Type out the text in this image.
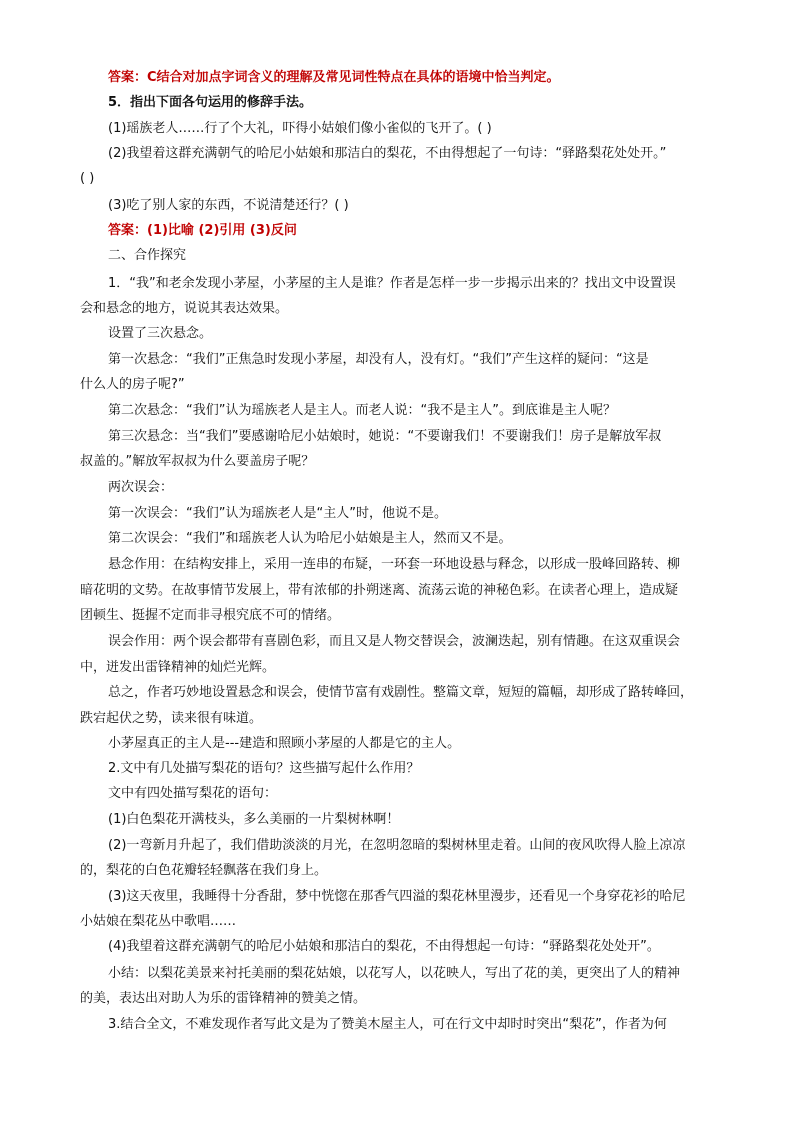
答案：C结合对加点字词含义的理解及常见词性特点在具体的语境中恰当判定。
5．指出下面各句运用的修辞手法。
(1)瑶族老人……行了个大礼，吓得小姑娘们像小雀似的飞开了。( )
(2)我望着这群充满朝气的哈尼小姑娘和那洁白的梨花，不由得想起了一句诗：“驿路梨花处处开。”
( )
(3)吃了别人家的东西，不说清楚还行？( )
答案：(1)比喻 (2)引用 (3)反问
二、合作探究
1．“我”和老余发现小茅屋，小茅屋的主人是谁？作者是怎样一步一步揭示出来的？找出文中设置误
会和悬念的地方，说说其表达效果。
设置了三次悬念。
第一次悬念：“我们”正焦急时发现小茅屋，却没有人，没有灯。“我们”产生这样的疑问：“这是
什么人的房子呢?”
第二次悬念：“我们”认为瑶族老人是主人。而老人说：“我不是主人”。到底谁是主人呢？
第三次悬念：当“我们”要感谢哈尼小姑娘时，她说：“不要谢我们！不要谢我们！房子是解放军叔
叔盖的。”解放军叔叔为什么要盖房子呢？
两次误会：
第一次误会：“我们”认为瑶族老人是“主人”时，他说不是。
第二次误会：“我们”和瑶族老人认为哈尼小姑娘是主人，然而又不是。
悬念作用：在结构安排上，采用一连串的布疑，一环套一环地设悬与释念，以形成一股峰回路转、柳
暗花明的文势。在故事情节发展上，带有浓郁的扑朔迷离、流荡云诡的神秘色彩。在读者心理上，造成疑
团顿生、挺握不定而非寻根究底不可的情绪。
误会作用：两个误会都带有喜剧色彩，而且又是人物交替误会，波澜迭起，别有情趣。在这双重误会
中，迸发出雷锋精神的灿烂光辉。
总之，作者巧妙地设置悬念和误会，使情节富有戏剧性。整篇文章，短短的篇幅，却形成了路转峰回，
跌宕起伏之势，读来很有味道。
小茅屋真正的主人是---建造和照顾小茅屋的人都是它的主人。
2.文中有几处描写梨花的语句？这些描写起什么作用？
文中有四处描写梨花的语句：
(1)白色梨花开满枝头，多么美丽的一片梨树林啊！
(2)一弯新月升起了，我们借助淡淡的月光，在忽明忽暗的梨树林里走着。山间的夜风吹得人脸上凉凉
的，梨花的白色花瓣轻轻飘落在我们身上。
(3)这天夜里，我睡得十分香甜，梦中恍惚在那香气四溢的梨花林里漫步，还看见一个身穿花衫的哈尼
小姑娘在梨花丛中歌唱……
(4)我望着这群充满朝气的哈尼小姑娘和那洁白的梨花，不由得想起一句诗：“驿路梨花处处开”。
小结：以梨花美景来衬托美丽的梨花姑娘，以花写人，以花映人，写出了花的美，更突出了人的精神
的美，表达出对助人为乐的雷锋精神的赞美之情。
3.结合全文，不难发现作者写此文是为了赞美木屋主人，可在行文中却时时突出“梨花”，作者为何
